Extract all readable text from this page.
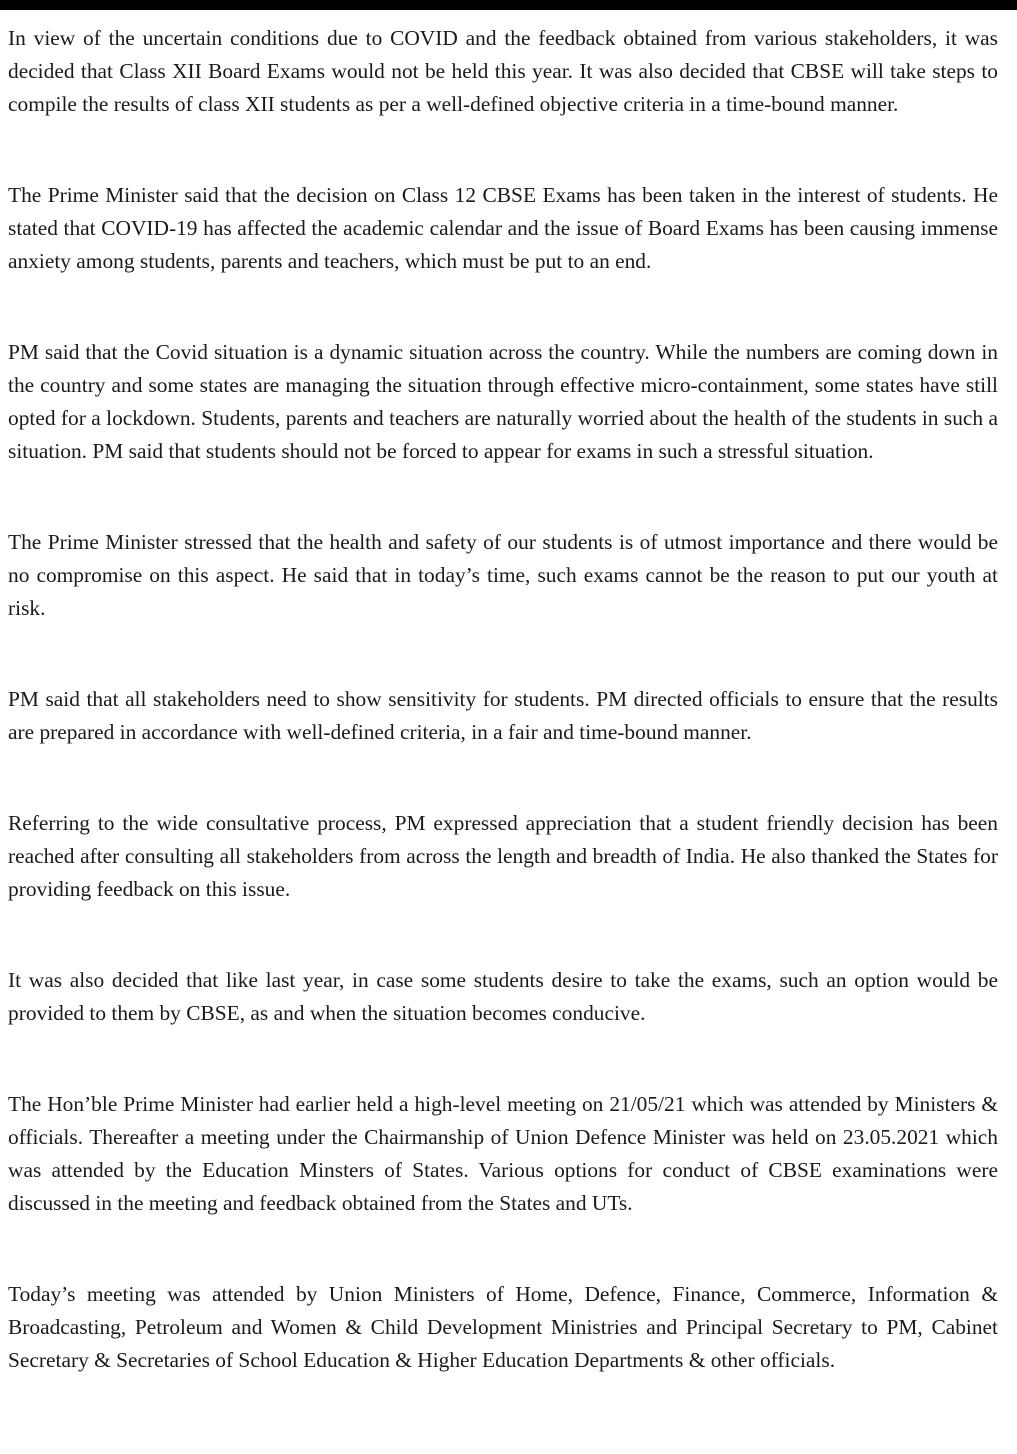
In view of the uncertain conditions due to COVID and the feedback obtained from various stakeholders, it was decided that Class XII Board Exams would not be held this year. It was also decided that CBSE will take steps to compile the results of class XII students as per a well-defined objective criteria in a time-bound manner.

The Prime Minister said that the decision on Class 12 CBSE Exams has been taken in the interest of students. He stated that COVID-19 has affected the academic calendar and the issue of Board Exams has been causing immense anxiety among students, parents and teachers, which must be put to an end.

PM said that the Covid situation is a dynamic situation across the country. While the numbers are coming down in the country and some states are managing the situation through effective micro-containment, some states have still opted for a lockdown. Students, parents and teachers are naturally worried about the health of the students in such a situation. PM said that students should not be forced to appear for exams in such a stressful situation.

The Prime Minister stressed that the health and safety of our students is of utmost importance and there would be no compromise on this aspect. He said that in today’s time, such exams cannot be the reason to put our youth at risk.

PM said that all stakeholders need to show sensitivity for students. PM directed officials to ensure that the results are prepared in accordance with well-defined criteria, in a fair and time-bound manner.

Referring to the wide consultative process, PM expressed appreciation that a student friendly decision has been reached after consulting all stakeholders from across the length and breadth of India. He also thanked the States for providing feedback on this issue.

It was also decided that like last year, in case some students desire to take the exams, such an option would be provided to them by CBSE, as and when the situation becomes conducive.

The Hon’ble Prime Minister had earlier held a high-level meeting on 21/05/21 which was attended by Ministers & officials. Thereafter a meeting under the Chairmanship of Union Defence Minister was held on 23.05.2021 which was attended by the Education Minsters of States. Various options for conduct of CBSE examinations were discussed in the meeting and feedback obtained from the States and UTs.

Today’s meeting was attended by Union Ministers of Home, Defence, Finance, Commerce, Information & Broadcasting, Petroleum and Women & Child Development Ministries and Principal Secretary to PM, Cabinet Secretary & Secretaries of School Education & Higher Education Departments & other officials.
